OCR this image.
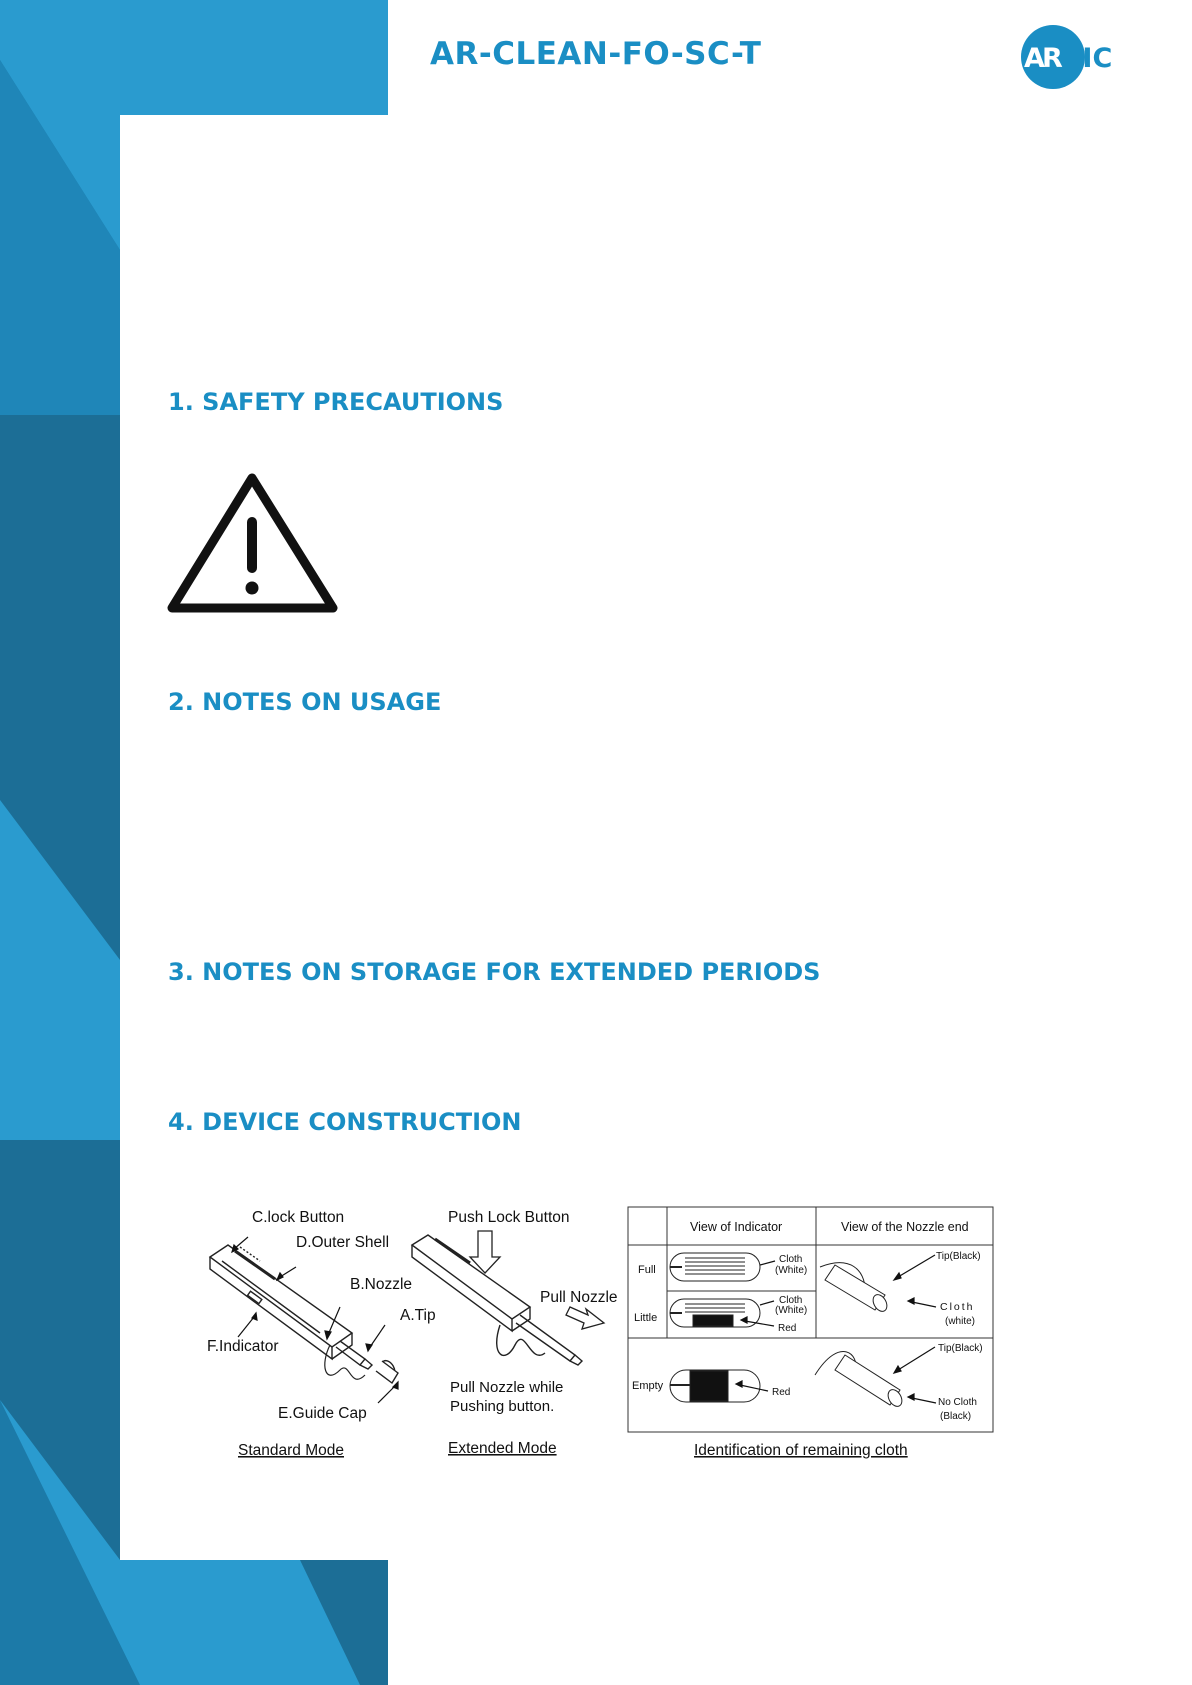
AR-CLEAN-FO-SC-T	A
R TIC
1. SAFETY PRECAUTIONS
2. NOTES ON USAGE
3. NOTES ON STORAGE FOR EXTENDED PERIODS
4. DEVICE CONSTRUCTION
C.lock Button
D.Outer Shell
B.Nozzle
A.Tip
F.Indicator
E.Guide Cap
Standard Mode
Push Lock Button
Pull Nozzle
Pull Nozzle while
Pushing button.
Extended Mode
View of Indicator	View of the Nozzle end
Full
Little
Empty
Cloth
(White)
Cloth
(White)
Red
Red
Tip(Black)
Cloth
(white)
Tip(Black)
No Cloth
(Black)
Identification of remaining cloth
